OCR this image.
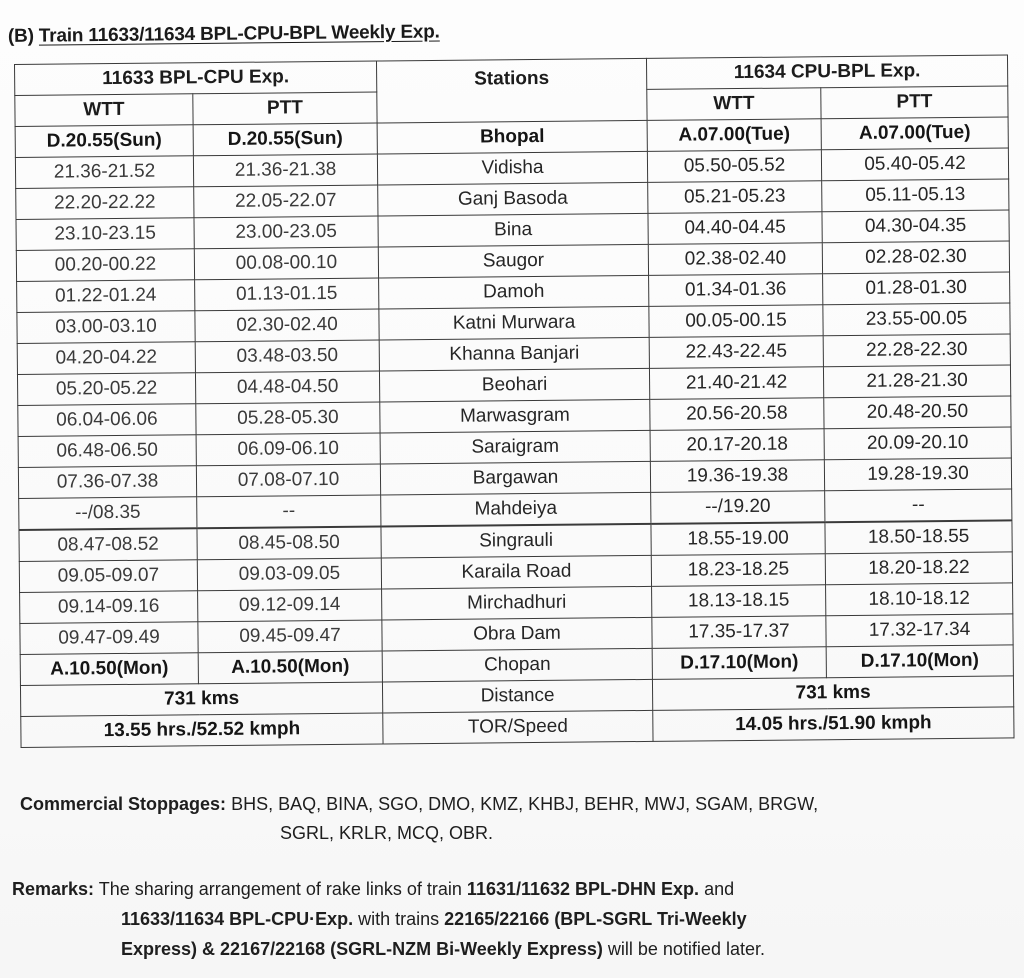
(B) Train 11633/11634 BPL-CPU-BPL Weekly Exp.
11633 BPL-CPU Exp.		Stations	11634 CPU-BPL Exp.	
WTT	PTT		WTT	PTT
D.20.55(Sun)	D.20.55(Sun)	Bhopal	A.07.00(Tue)	A.07.00(Tue)
21.36-21.52	21.36-21.38	Vidisha	05.50-05.52	05.40-05.42
22.20-22.22	22.05-22.07	Ganj Basoda	05.21-05.23	05.11-05.13
23.10-23.15	23.00-23.05	Bina	04.40-04.45	04.30-04.35
00.20-00.22	00.08-00.10	Saugor	02.38-02.40	02.28-02.30
01.22-01.24	01.13-01.15	Damoh	01.34-01.36	01.28-01.30
03.00-03.10	02.30-02.40	Katni Murwara	00.05-00.15	23.55-00.05
04.20-04.22	03.48-03.50	Khanna Banjari	22.43-22.45	22.28-22.30
05.20-05.22	04.48-04.50	Beohari	21.40-21.42	21.28-21.30
06.04-06.06	05.28-05.30	Marwasgram	20.56-20.58	20.48-20.50
06.48-06.50	06.09-06.10	Saraigram	20.17-20.18	20.09-20.10
07.36-07.38	07.08-07.10	Bargawan	19.36-19.38	19.28-19.30
--/08.35	--	Mahdeiya	--/19.20	--
08.47-08.52	08.45-08.50	Singrauli	18.55-19.00	18.50-18.55
09.05-09.07	09.03-09.05	Karaila Road	18.23-18.25	18.20-18.22
09.14-09.16	09.12-09.14	Mirchadhuri	18.13-18.15	18.10-18.12
09.47-09.49	09.45-09.47	Obra Dam	17.35-17.37	17.32-17.34
A.10.50(Mon)	A.10.50(Mon)	Chopan	D.17.10(Mon)	D.17.10(Mon)
731 kms		Distance	731 kms	
13.55 hrs./52.52 kmph		TOR/Speed	14.05 hrs./51.90 kmph	
Commercial Stoppages: BHS, BAQ, BINA, SGO, DMO, KMZ, KHBJ, BEHR, MWJ, SGAM, BRGW,
SGRL, KRLR, MCQ, OBR.
Remarks: The sharing arrangement of rake links of train 11631/11632 BPL-DHN Exp. and
11633/11634 BPL-CPU·Exp. with trains 22165/22166 (BPL-SGRL Tri-Weekly
Express) & 22167/22168 (SGRL-NZM Bi-Weekly Express) will be notified later.
